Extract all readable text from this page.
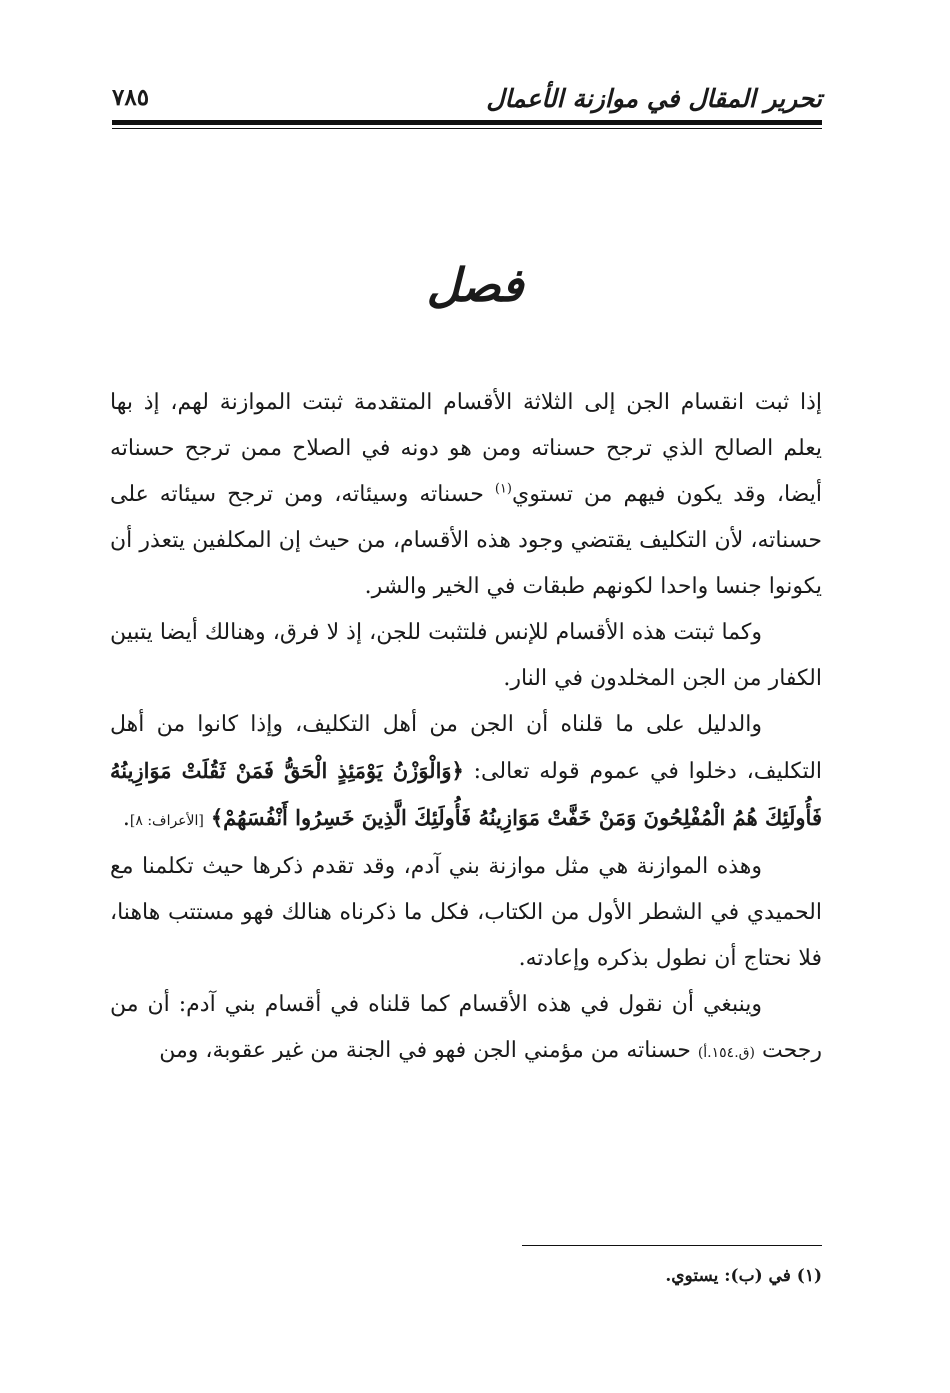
تحرير المقال في موازنة الأعمال
٧٨٥
فصل

إذا ثبت انقسام الجن إلى الثلاثة الأقسام المتقدمة ثبتت الموازنة لهم، إذ بها يعلم الصالح الذي ترجح حسناته ومن هو دونه في الصلاح ممن ترجح حسناته أيضا، وقد يكون فيهم من تستوي$^{(١)}$ حسناته وسيئاته، ومن ترجح سيئاته على حسناته، لأن التكليف يقتضي وجود هذه الأقسام، من حيث إن المكلفين يتعذر أن يكونوا جنسا واحدا لكونهم طبقات في الخير والشر.

وكما ثبتت هذه الأقسام للإنس فلتثبت للجن، إذ لا فرق، وهنالك أيضا يتبين الكفار من الجن المخلدون في النار.

والدليل على ما قلناه أن الجن من أهل التكليف، وإذا كانوا من أهل التكليف، دخلوا في عموم قوله تعالى: ﴿وَالْوَزْنُ يَوْمَئِذٍ الْحَقُّ فَمَنْ ثَقُلَتْ مَوَازِينُهُ فَأُولَئِكَ هُمُ الْمُفْلِحُونَ وَمَنْ خَفَّتْ مَوَازِينُهُ فَأُولَئِكَ الَّذِينَ خَسِرُوا أَنْفُسَهُمْ﴾ [الأعراف: ٨].

وهذه الموازنة هي مثل موازنة بني آدم، وقد تقدم ذكرها حيث تكلمنا مع الحميدي في الشطر الأول من الكتاب، فكل ما ذكرناه هنالك فهو مستتب هاهنا، فلا نحتاج أن نطول بذكره وإعادته.

وينبغي أن نقول في هذه الأقسام كما قلناه في أقسام بني آدم: أن من رجحت (ق.١٥٤.أ) حسناته من مؤمني الجن فهو في الجنة من غير عقوبة، ومن

(١) في (ب): يستوي.
